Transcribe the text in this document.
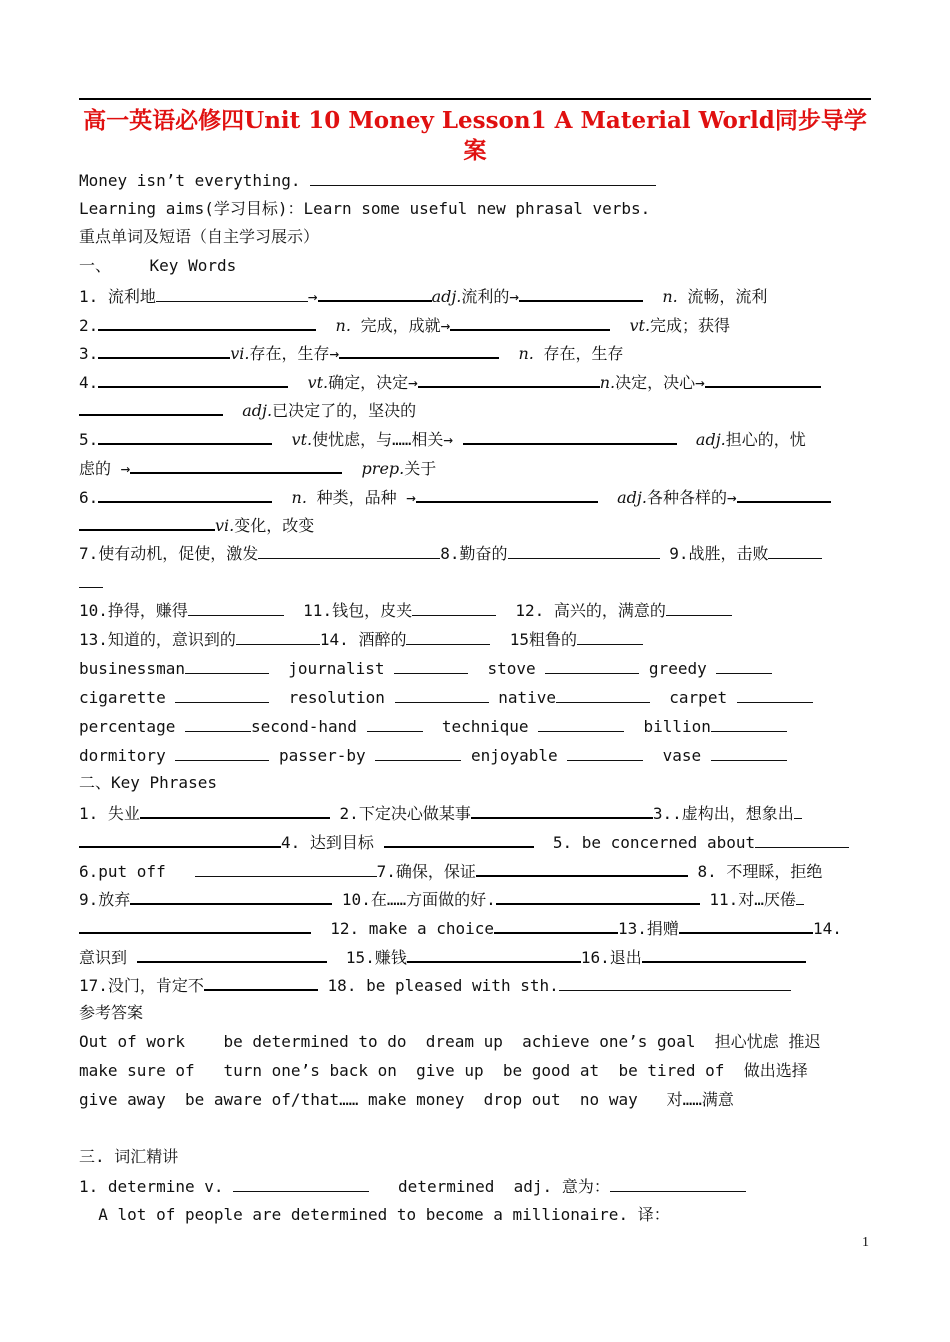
高一英语必修四Unit 10 Money Lesson1 A Material World同步导学案
Money isn’t everything.
Learning aims(学习目标)：Learn some useful new phrasal verbs.
重点单词及短语（自主学习展示）
一、    Key Words
1. 流利地	→	adj.流利的→	n. 流畅，流利
2.	n. 完成，成就→	vt.完成；获得
3.	vi.存在，生存→	n. 存在，生存
4.	vt.确定，决定→	n.决定，决心→
adj.已决定了的，坚决的
5.	vt.使忧虑，与……相关→	adj.担心的，忧
虑的 →	prep.关于
6.	n. 种类，品种 →	adj.各种各样的→
vi.变化，改变
7.使有动机，促使，激发	8.勤奋的	9.战胜，击败
10.挣得，赚得	11.钱包，皮夹	12. 高兴的，满意的
13.知道的，意识到的	14. 酒醉的	15粗鲁的
businessman	journalist	stove	greedy
cigarette	resolution	native	carpet
percentage	second-hand	technique	billion
dormitory	passer-by	enjoyable	vase
二、Key Phrases
1. 失业	2.下定决心做某事	3..虚构出，想象出
4. 达到目标	5. be concerned about
6.put off	7.确保，保证	8. 不理睬，拒绝
9.放弃	10.在……方面做的好.	11.对…厌倦
12. make a choice	13.捐赠	14.
意识到	15.赚钱	16.退出
17.没门，肯定不	18. be pleased with sth.
参考答案
Out of work be determined to do dream up achieve one’s goal 担心忧虑 推迟
make sure of turn one’s back on give up be good at be tired of 做出选择
give away be aware of/that…… make money drop out no way 对……满意
三. 词汇精讲
1. determine v.	determined  adj. 意为：
A lot of people are determined to become a millionaire. 译：
1
